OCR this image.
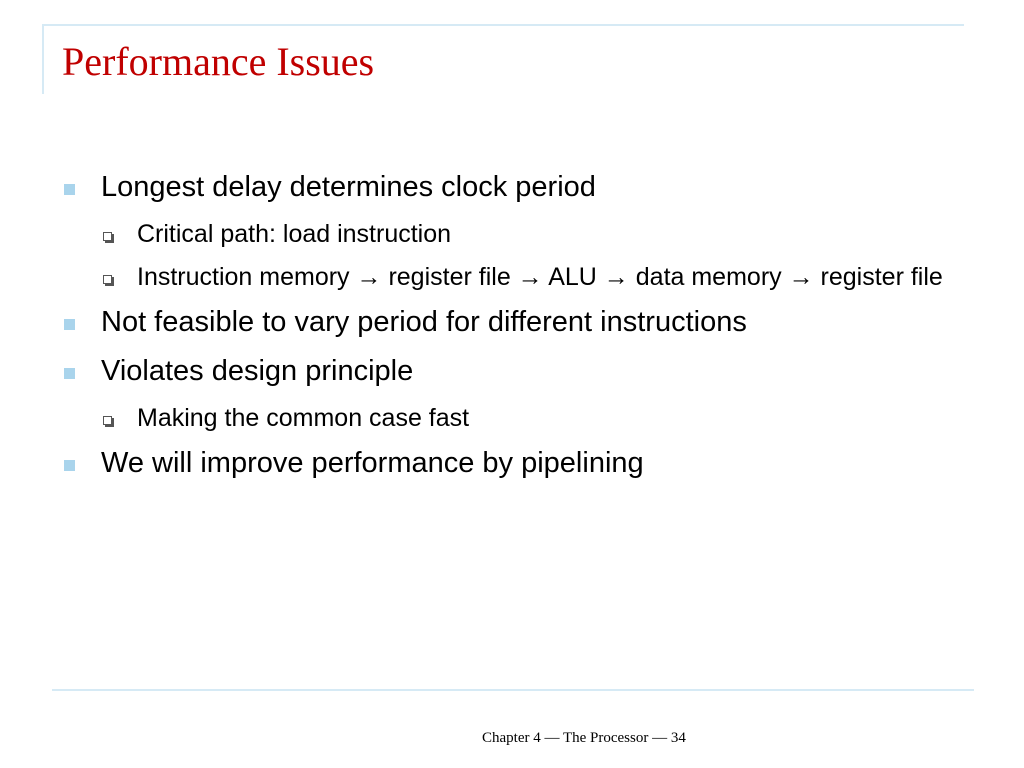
Performance Issues
Longest delay determines clock period
Critical path: load instruction
Instruction memory → register file → ALU → data memory → register file
Not feasible to vary period for different instructions
Violates design principle
Making the common case fast
We will improve performance by pipelining
Chapter 4 — The Processor — 34
